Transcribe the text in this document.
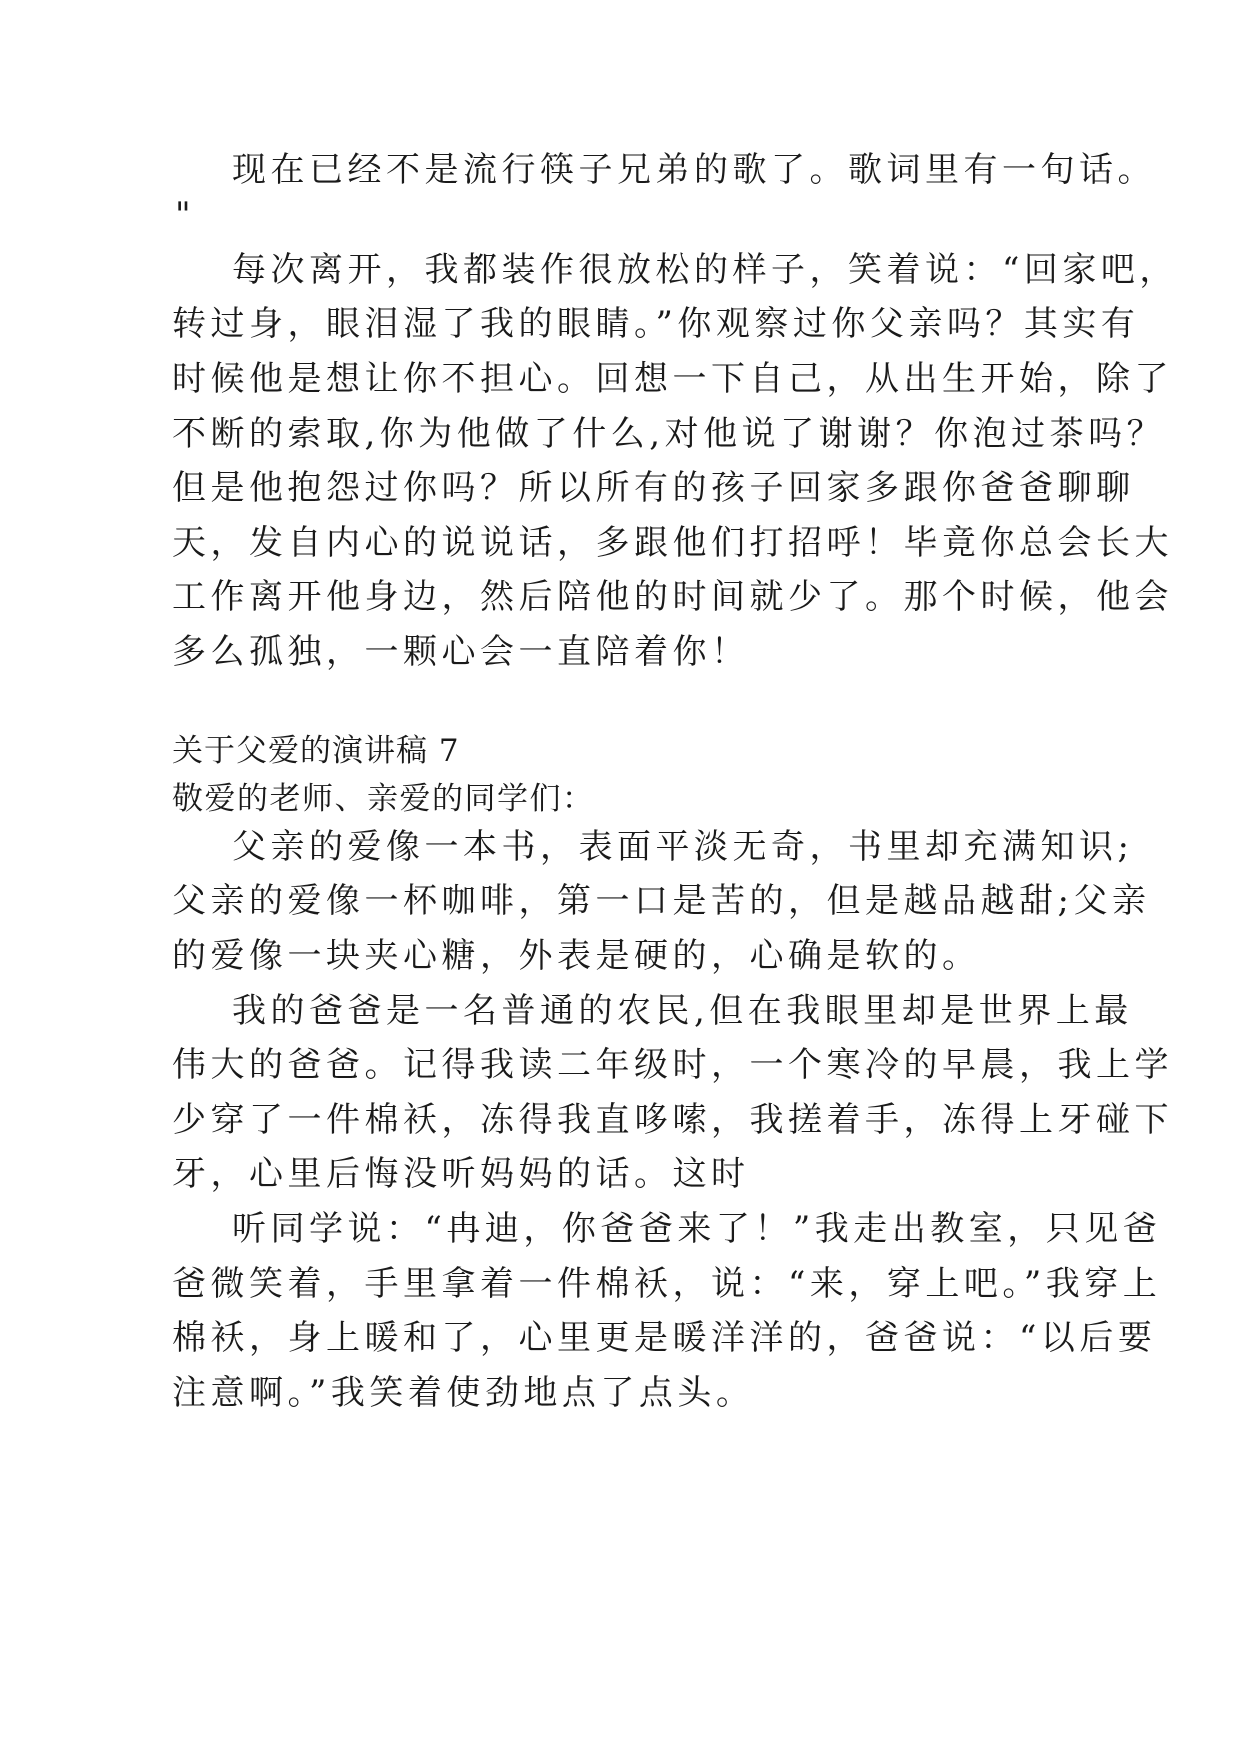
现在已经不是流行筷子兄弟的歌了。歌词里有一句话。
"
每次离开，我都装作很放松的样子，笑着说：“回家吧，
转过身，眼泪湿了我的眼睛。”你观察过你父亲吗？其实有
时候他是想让你不担心。回想一下自己，从出生开始，除了
不断的索取,你为他做了什么,对他说了谢谢？你泡过茶吗？
但是他抱怨过你吗？所以所有的孩子回家多跟你爸爸聊聊
天，发自内心的说说话，多跟他们打招呼！毕竟你总会长大
工作离开他身边，然后陪他的时间就少了。那个时候，他会
多么孤独，一颗心会一直陪着你！
关于父爱的演讲稿 7
敬爱的老师、亲爱的同学们：
父亲的爱像一本书，表面平淡无奇，书里却充满知识;
父亲的爱像一杯咖啡，第一口是苦的，但是越品越甜;父亲
的爱像一块夹心糖，外表是硬的，心确是软的。
我的爸爸是一名普通的农民,但在我眼里却是世界上最
伟大的爸爸。记得我读二年级时，一个寒冷的早晨，我上学
少穿了一件棉袄，冻得我直哆嗦，我搓着手，冻得上牙碰下
牙，心里后悔没听妈妈的话。这时
听同学说：“冉迪，你爸爸来了！”我走出教室，只见爸
爸微笑着，手里拿着一件棉袄，说：“来，穿上吧。”我穿上
棉袄，身上暖和了，心里更是暖洋洋的，爸爸说：“以后要
注意啊。”我笑着使劲地点了点头。
